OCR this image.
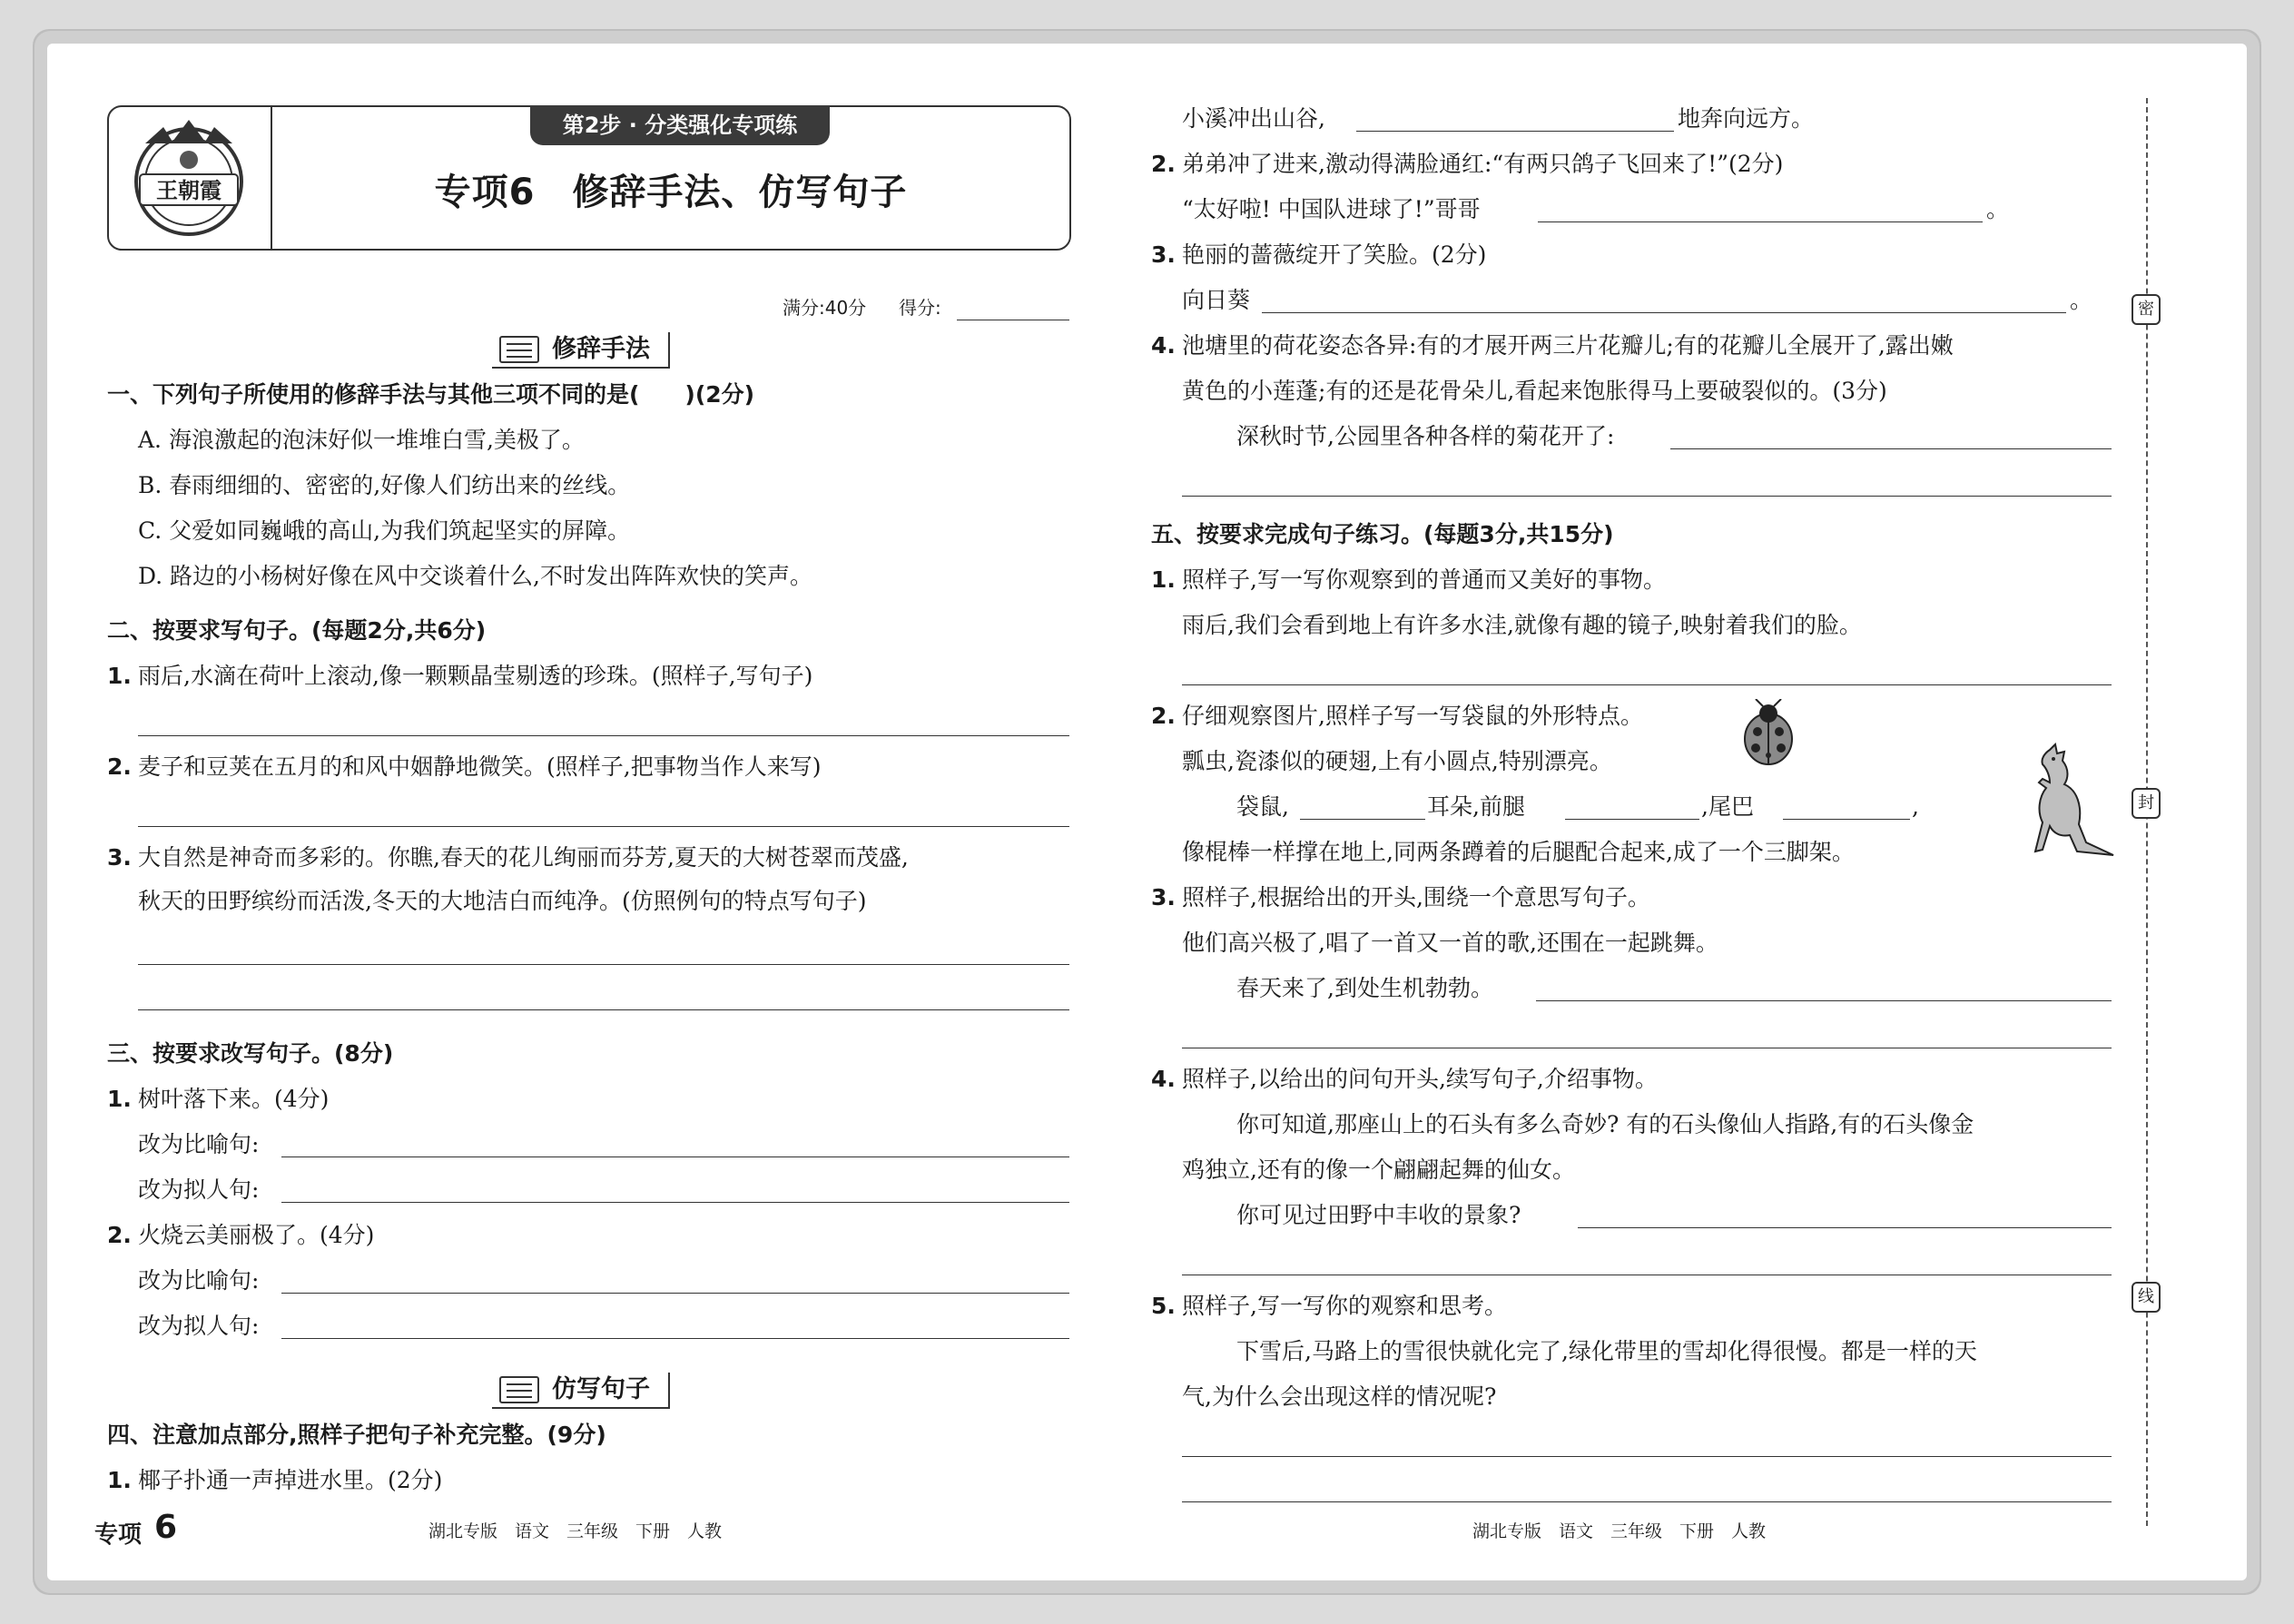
王朝霞
第2步 · 分类强化专项练
专项6　修辞手法、仿写句子
满分:40分 得分:
修辞手法
一、下列句子所使用的修辞手法与其他三项不同的是(　　)(2分)
A. 海浪激起的泡沫好似一堆堆白雪,美极了。
B. 春雨细细的、密密的,好像人们纺出来的丝线。
C. 父爱如同巍峨的高山,为我们筑起坚实的屏障。
D. 路边的小杨树好像在风中交谈着什么,不时发出阵阵欢快的笑声。
二、按要求写句子。(每题2分,共6分)
1. 雨后,水滴在荷叶上滚动,像一颗颗晶莹剔透的珍珠。(照样子,写句子)
2. 麦子和豆荚在五月的和风中姻静地微笑。(照样子,把事物当作人来写)
3. 大自然是神奇而多彩的。你瞧,春天的花儿绚丽而芬芳,夏天的大树苍翠而茂盛,
秋天的田野缤纷而活泼,冬天的大地洁白而纯净。(仿照例句的特点写句子)
三、按要求改写句子。(8分)
1. 树叶落下来。(4分)
改为比喻句:
改为拟人句:
2. 火烧云美丽极了。(4分)
改为比喻句:
改为拟人句:
仿写句子
四、注意加点部分,照样子把句子补充完整。(9分)
1. 椰子扑通一声掉进水里。(2分)
专项 6	湖北专版　语文　三年级　下册　人教
小溪冲出山谷,	地奔向远方。
2. 弟弟冲了进来,激动得满脸通红:“有两只鸽子飞回来了!”(2分)
“太好啦! 中国队进球了!”哥哥	。
3. 艳丽的蔷薇绽开了笑脸。(2分)
向日葵	。
4. 池塘里的荷花姿态各异:有的才展开两三片花瓣儿;有的花瓣儿全展开了,露出嫩
黄色的小莲蓬;有的还是花骨朵儿,看起来饱胀得马上要破裂似的。(3分)
深秋时节,公园里各种各样的菊花开了:
五、按要求完成句子练习。(每题3分,共15分)
1. 照样子,写一写你观察到的普通而又美好的事物。
雨后,我们会看到地上有许多水洼,就像有趣的镜子,映射着我们的脸。
2. 仔细观察图片,照样子写一写袋鼠的外形特点。
瓢虫,瓷漆似的硬翅,上有小圆点,特别漂亮。
袋鼠,	耳朵,前腿	,尾巴	,
像棍棒一样撑在地上,同两条蹲着的后腿配合起来,成了一个三脚架。
3. 照样子,根据给出的开头,围绕一个意思写句子。
他们高兴极了,唱了一首又一首的歌,还围在一起跳舞。
春天来了,到处生机勃勃。
4. 照样子,以给出的问句开头,续写句子,介绍事物。
你可知道,那座山上的石头有多么奇妙? 有的石头像仙人指路,有的石头像金
鸡独立,还有的像一个翩翩起舞的仙女。
你可见过田野中丰收的景象?
5. 照样子,写一写你的观察和思考。
下雪后,马路上的雪很快就化完了,绿化带里的雪却化得很慢。都是一样的天
气,为什么会出现这样的情况呢?
湖北专版　语文　三年级　下册　人教
密
封
线
